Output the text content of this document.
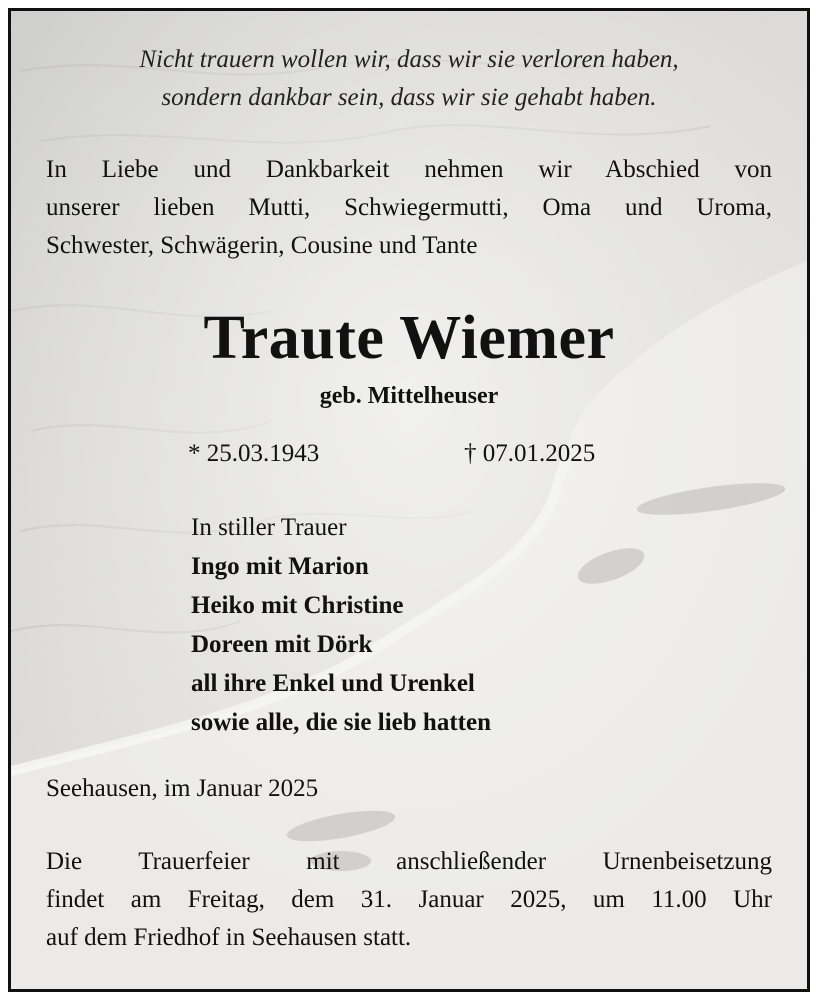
Nicht trauern wollen wir, dass wir sie verloren haben,
sondern dankbar sein, dass wir sie gehabt haben.
In Liebe und Dankbarkeit nehmen wir Abschied von
unserer lieben Mutti, Schwiegermutti, Oma und Uroma,
Schwester, Schwägerin, Cousine und Tante
Traute Wiemer
geb. Mittelheuser
* 25.03.1943	† 07.01.2025
In stiller Trauer
Ingo mit Marion
Heiko mit Christine
Doreen mit Dörk
all ihre Enkel und Urenkel
sowie alle, die sie lieb hatten
Seehausen, im Januar 2025
Die Trauerfeier mit anschließender Urnenbeisetzung
findet am Freitag, dem 31. Januar 2025, um 11.00 Uhr
auf dem Friedhof in Seehausen statt.
